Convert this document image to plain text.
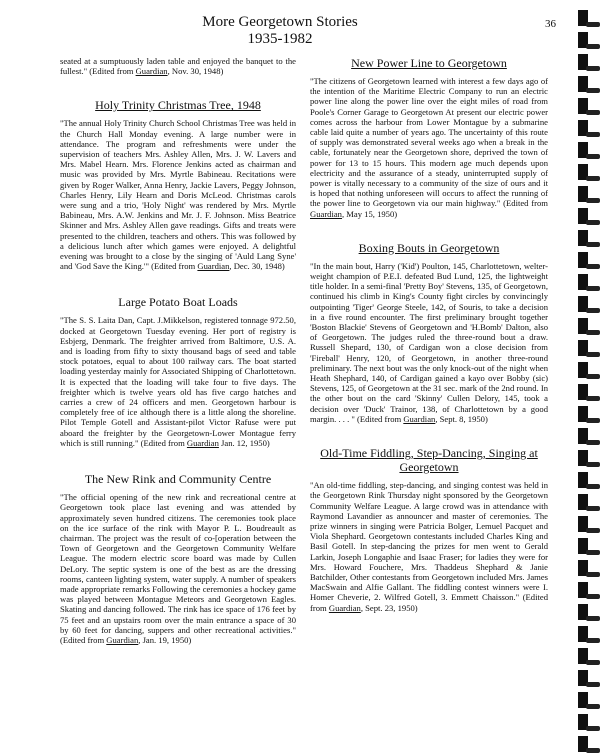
More Georgetown Stories
1935-1982
36

seated at a sumptuously laden table and enjoyed the banquet to the fullest." (Edited from Guardian, Nov. 30, 1948)

Holy Trinity Christmas Tree, 1948

"The annual Holy Trinity Church School Christmas Tree was held in the Church Hall Monday evening. A large number were in attendance. The program and refreshments were under the supervision of teachers Mrs. Ashley Allen, Mrs. J. W. Lavers and Mrs. Mabel Hearn. Mrs. Florence Jenkins acted as chairman and music was provided by Mrs. Myrtle Babineau. Recitations were given by Roger Walker, Anna Henry, Jackie Lavers, Peggy Johnson, Charles Henry, Lily Hearn and Doris McLeod. Christmas carols were sung and a trio, 'Holy Night' was rendered by Mrs. Myrtle Babineau, Mrs. A.W. Jenkins and Mr. J. F. Johnson. Miss Beatrice Skinner and Mrs. Ashley Allen gave readings. Gifts and treats were presented to the children, teachers and others. This was followed by a delicious lunch after which games were enjoyed. A delightful evening was brought to a close by the singing of 'Auld Lang Syne' and 'God Save the King.'" (Edited from Guardian, Dec. 30, 1948)

Large Potato Boat Loads

"The S. S. Laita Dan, Capt. J.Mikkelson, registered tonnage 972.50, docked at Georgetown Tuesday evening. Her port of registry is Esbjerg, Denmark. The freighter arrived from Baltimore, U.S. A. and is loading from fifty to sixty thousand bags of seed and table stock potatoes, equal to about 100 railway cars. The boat started loading yesterday mainly for Associated Shipping of Charlottetown. It is expected that the loading will take four to five days. The freighter which is twelve years old has five cargo hatches and carries a crew of 24 officers and men. Georgetown harbour is completely free of ice although there is a little along the shoreline. Pilot Temple Gotell and Assistant-pilot Victor Rafuse were put aboard the freighter by the Georgetown-Lower Montague ferry which is still running." (Edited from Guardian Jan. 12, 1950)

The New Rink and Community Centre

"The official opening of the new rink and recreational centre at Georgetown took place last evening and was attended by approximately seven hundred citizens. The ceremonies took place on the ice surface of the rink with Mayor P. L. Boudreault as chairman. The project was the result of co-[operation between the Town of Georgetown and the Georgetown Community Welfare League. The modern electric score board was made by Cullen DeLory. The septic system is one of the best as are the dressing rooms, canteen lighting system, water supply. A number of speakers made appropriate remarks Following the ceremonies a hockey game was played between Montague Meteors and Georgetown Eagles. Skating and dancing followed. The rink has ice space of 176 feet by 75 feet and an upstairs room over the main entrance a space of 30 by 60 feet for dancing, suppers and other recreational activities." (Edited from Guardian, Jan. 19, 1950)

New Power Line to Georgetown

"The citizens of Georgetown learned with interest a few days ago of the intention of the Maritime Electric Company to run an electric power line along the power line over the eight miles of road from Poole's Corner Garage to Georgetown At present our electric power comes across the harbour from Lower Montague by a submarine cable laid quite a number of years ago. The uncertainty of this route of supply was demonstrated several weeks ago when a break in the cable, fortunately near the Georgetown shore, deprived the town of power for 13 to 15 hours. This modern age much depends upon electricity and the assurance of a steady, uninterrupted supply of power is vitally necessary to a community of the size of ours and it is hoped that nothing unforeseen will occurs to affect the running of the power line to Georgetown via our main highway." (Edited from Guardian, May 15, 1950)

Boxing Bouts in Georgetown

"In the main bout, Harry ('Kid') Poulton, 145, Charlottetown, welter-weight champion of P.E.I. defeated Bud Lund, 125, the lightweight title holder. In a semi-final 'Pretty Boy' Stevens, 135, of Georgetown, continued his climb in King's County fight circles by convincingly outpointing 'Tiger' George Steele, 142, of Souris, to take a decision in a five round encounter. The first preliminary brought together 'Boston Blackie' Stevens of Georgetown and 'H.Bomb' Dalton, also of Georgetown. The judges ruled the three-round bout a draw. Russell Shepard, 130, of Cardigan won a close decision from 'Fireball' Henry, 120, of Georgetown, in another three-round preliminary. The next bout was the only knock-out of the night when Heath Shephard, 140, of Cardigan gained a kayo over Bobby (sic) Stevens, 125, of Georgetown at the 31 sec. mark of the 2nd round. In the other bout on the card 'Skinny' Cullen Delory, 145, took a decision over 'Duck' Trainor, 138, of Charlottetown by a good margin. . . . " (Edited from Guardian, Sept. 8, 1950)

Old-Time Fiddling, Step-Dancing, Singing at Georgetown

"An old-time fiddling, step-dancing, and singing contest was held in the Georgetown Rink Thursday night sponsored by the Georgetown Community Welfare League. A large crowd was in attendance with Raymond Lavandier as announcer and master of ceremonies. The prize winners in singing were Patricia Bolger, Lemuel Pacquet and Viola Shephard. Georgetown contestants included Charles King and Basil Gotell. In step-dancing the prizes for men went to Gerald Larkin, Joseph Longaphie and Isaac Fraser; for ladies they were for Mrs. Howard Fouchere, Mrs. Thaddeus Shephard & Janie Batchilder, Other contestants from Georgetown included Mrs. James MacSwain and Alfie Gallant. The fiddling contest winners were I. Homer Cheverie, 2. Wilfred Gotell, 3. Emmett Chaisson." (Edited from Guardian, Sept. 23, 1950)
